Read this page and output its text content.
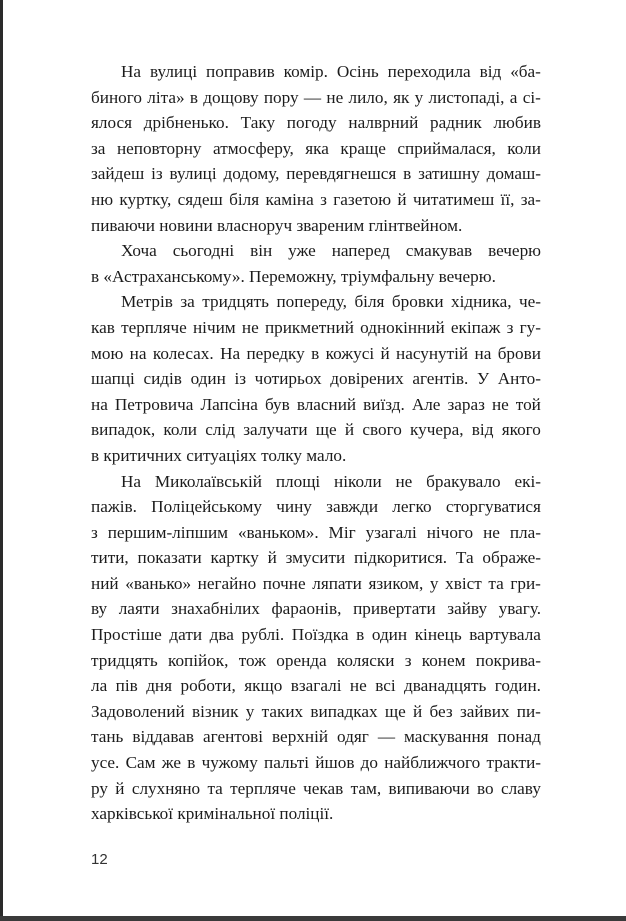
На вулиці поправив комір. Осінь переходила від «ба-
биного літа» в дощову пору — не лило, як у листопаді, а сі-
ялося дрібненько. Таку погоду налврний радник любив
за неповторну атмосферу, яка краще сприймалася, коли
зайдеш із вулиці додому, перевдягнешся в затишну домаш-
ню куртку, сядеш біля каміна з газетою й читатимеш її, за-
пиваючи новини власноруч звареним глінтвейном.
Хоча сьогодні він уже наперед смакував вечерю
в «Астраханському». Переможну, тріумфальну вечерю.
Метрів за тридцять попереду, біля бровки хідника, че-
кав терпляче нічим не прикметний однокінний екіпаж з гу-
мою на колесах. На передку в кожусі й насунутій на брови
шапці сидів один із чотирьох довірених агентів. У Анто-
на Петровича Лапсіна був власний виїзд. Але зараз не той
випадок, коли слід залучати ще й свого кучера, від якого
в критичних ситуаціях толку мало.
На Миколаївській площі ніколи не бракувало екі-
пажів. Поліцейському чину завжди легко сторгуватися
з першим-ліпшим «ваньком». Міг узагалі нічого не пла-
тити, показати картку й змусити підкоритися. Та ображе-
ний «ванько» негайно почне ляпати язиком, у хвіст та гри-
ву лаяти знахабнілих фараонів, привертати зайву увагу.
Простіше дати два рублі. Поїздка в один кінець вартувала
тридцять копійок, тож оренда коляски з конем покрива-
ла пів дня роботи, якщо взагалі не всі дванадцять годин.
Задоволений візник у таких випадках ще й без зайвих пи-
тань віддавав агентові верхній одяг — маскування понад
усе. Сам же в чужому пальті йшов до найближчого тракти-
ру й слухняно та терпляче чекав там, випиваючи во славу
харківської кримінальної поліції.
12
